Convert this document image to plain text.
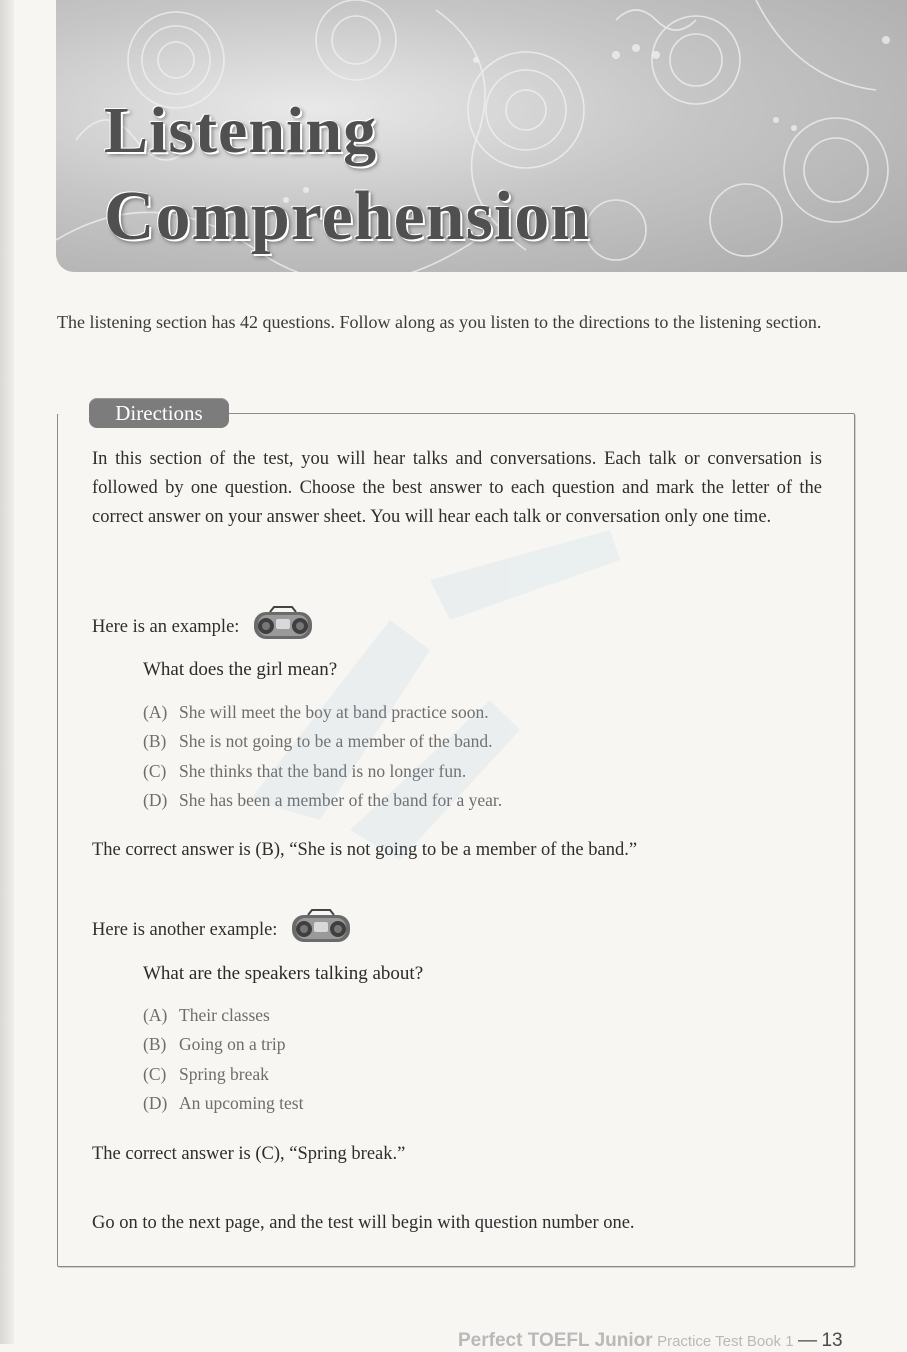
Listening
Comprehension

The listening section has 42 questions. Follow along as you listen to the directions to the listening section.

Directions

In this section of the test, you will hear talks and conversations. Each talk or conversation is followed by one question. Choose the best answer to each question and mark the letter of the correct answer on your answer sheet. You will hear each talk or conversation only one time.

Here is an example:

What does the girl mean?

(A) She will meet the boy at band practice soon.
(B) She is not going to be a member of the band.
(C) She thinks that the band is no longer fun.
(D) She has been a member of the band for a year.

The correct answer is (B), “She is not going to be a member of the band.”

Here is another example:

What are the speakers talking about?

(A) Their classes
(B) Going on a trip
(C) Spring break
(D) An upcoming test

The correct answer is (C), “Spring break.”

Go on to the next page, and the test will begin with question number one.

Perfect TOEFL Junior Practice Test Book 1 — 13
